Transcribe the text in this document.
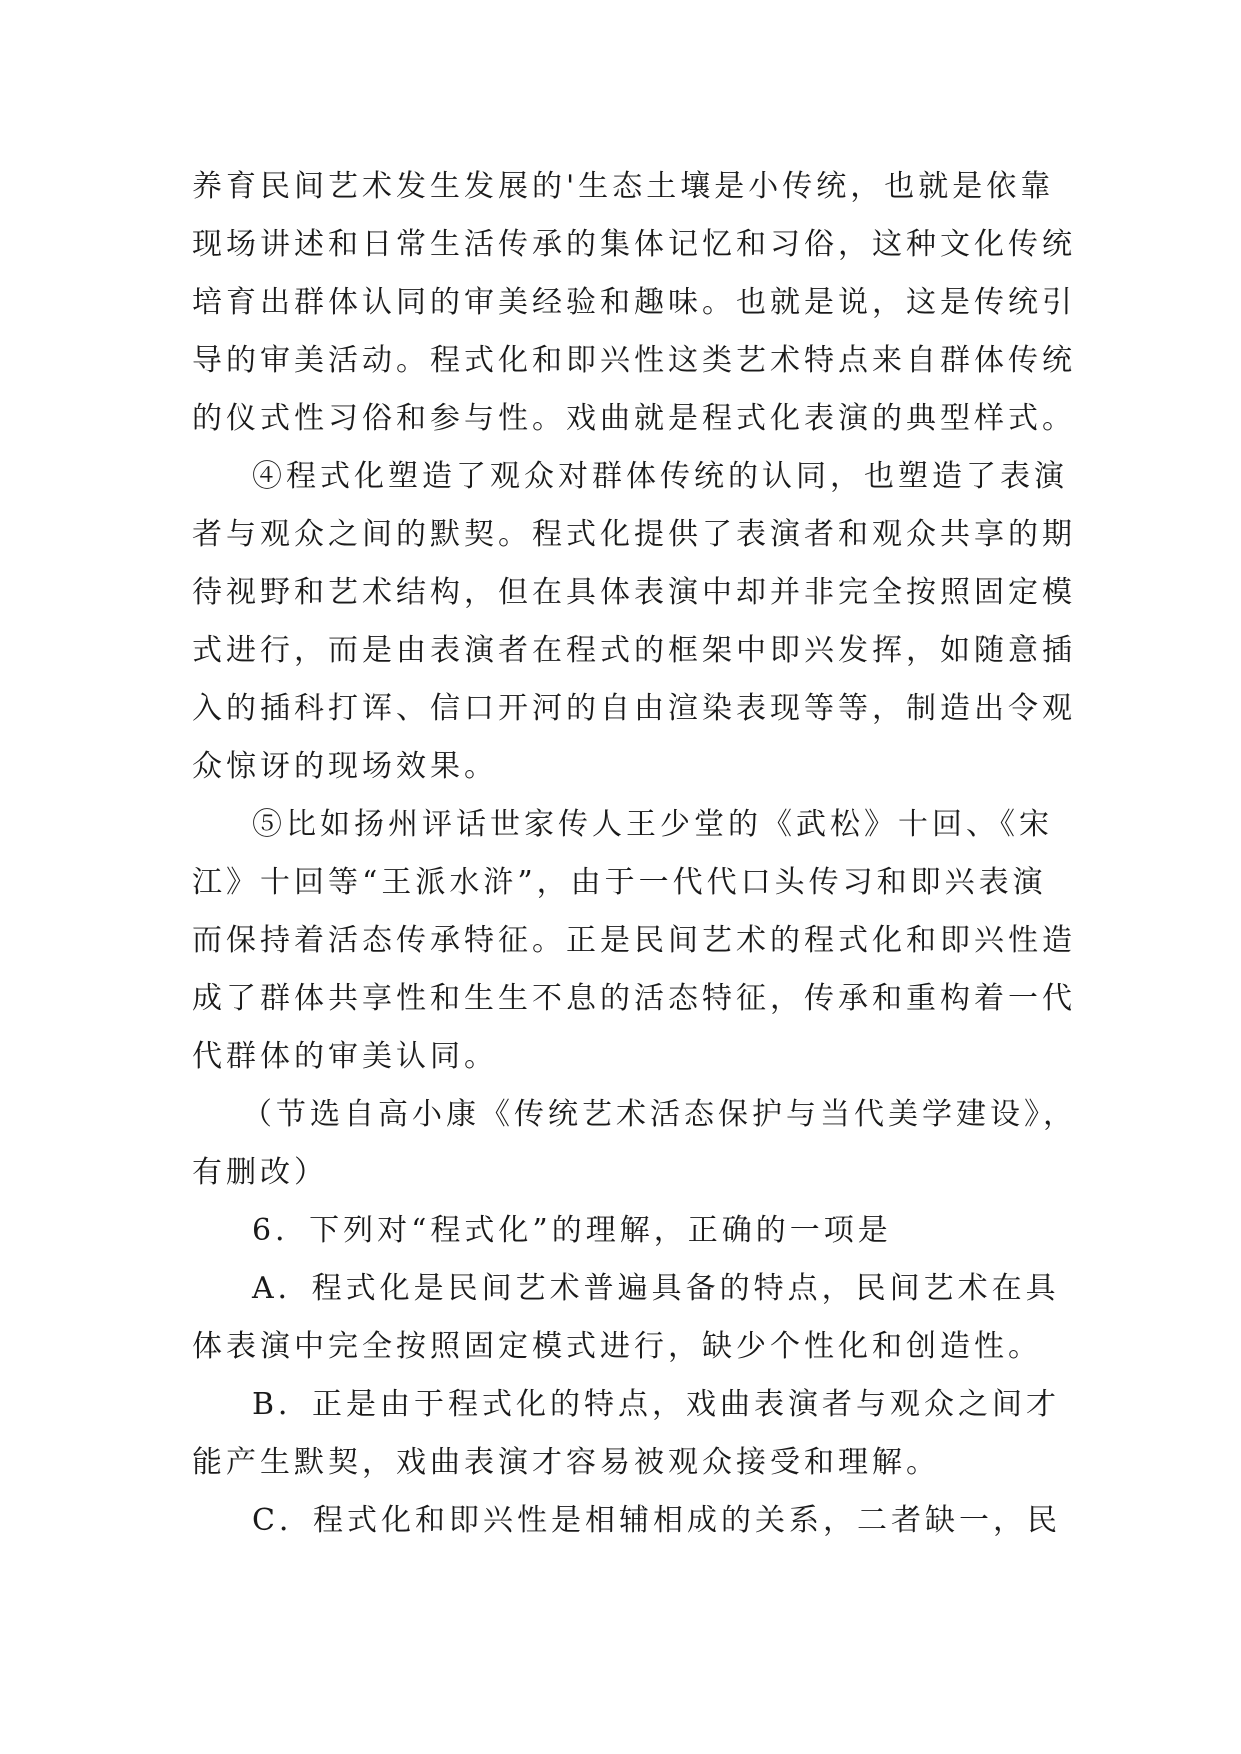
养育民间艺术发生发展的'生态土壤是小传统，也就是依靠
现场讲述和日常生活传承的集体记忆和习俗，这种文化传统
培育出群体认同的审美经验和趣味。也就是说，这是传统引
导的审美活动。程式化和即兴性这类艺术特点来自群体传统
的仪式性习俗和参与性。戏曲就是程式化表演的典型样式。
④程式化塑造了观众对群体传统的认同，也塑造了表演
者与观众之间的默契。程式化提供了表演者和观众共享的期
待视野和艺术结构，但在具体表演中却并非完全按照固定模
式进行，而是由表演者在程式的框架中即兴发挥，如随意插
入的插科打诨、信口开河的自由渲染表现等等，制造出令观
众惊讶的现场效果。
⑤比如扬州评话世家传人王少堂的《武松》十回、《宋
江》十回等“王派水浒”，由于一代代口头传习和即兴表演
而保持着活态传承特征。正是民间艺术的程式化和即兴性造
成了群体共享性和生生不息的活态特征，传承和重构着一代
代群体的审美认同。
（节选自高小康《传统艺术活态保护与当代美学建设》，
有删改）
6．下列对“程式化”的理解，正确的一项是
A．程式化是民间艺术普遍具备的特点，民间艺术在具
体表演中完全按照固定模式进行，缺少个性化和创造性。
B．正是由于程式化的特点，戏曲表演者与观众之间才
能产生默契，戏曲表演才容易被观众接受和理解。
C．程式化和即兴性是相辅相成的关系，二者缺一，民
